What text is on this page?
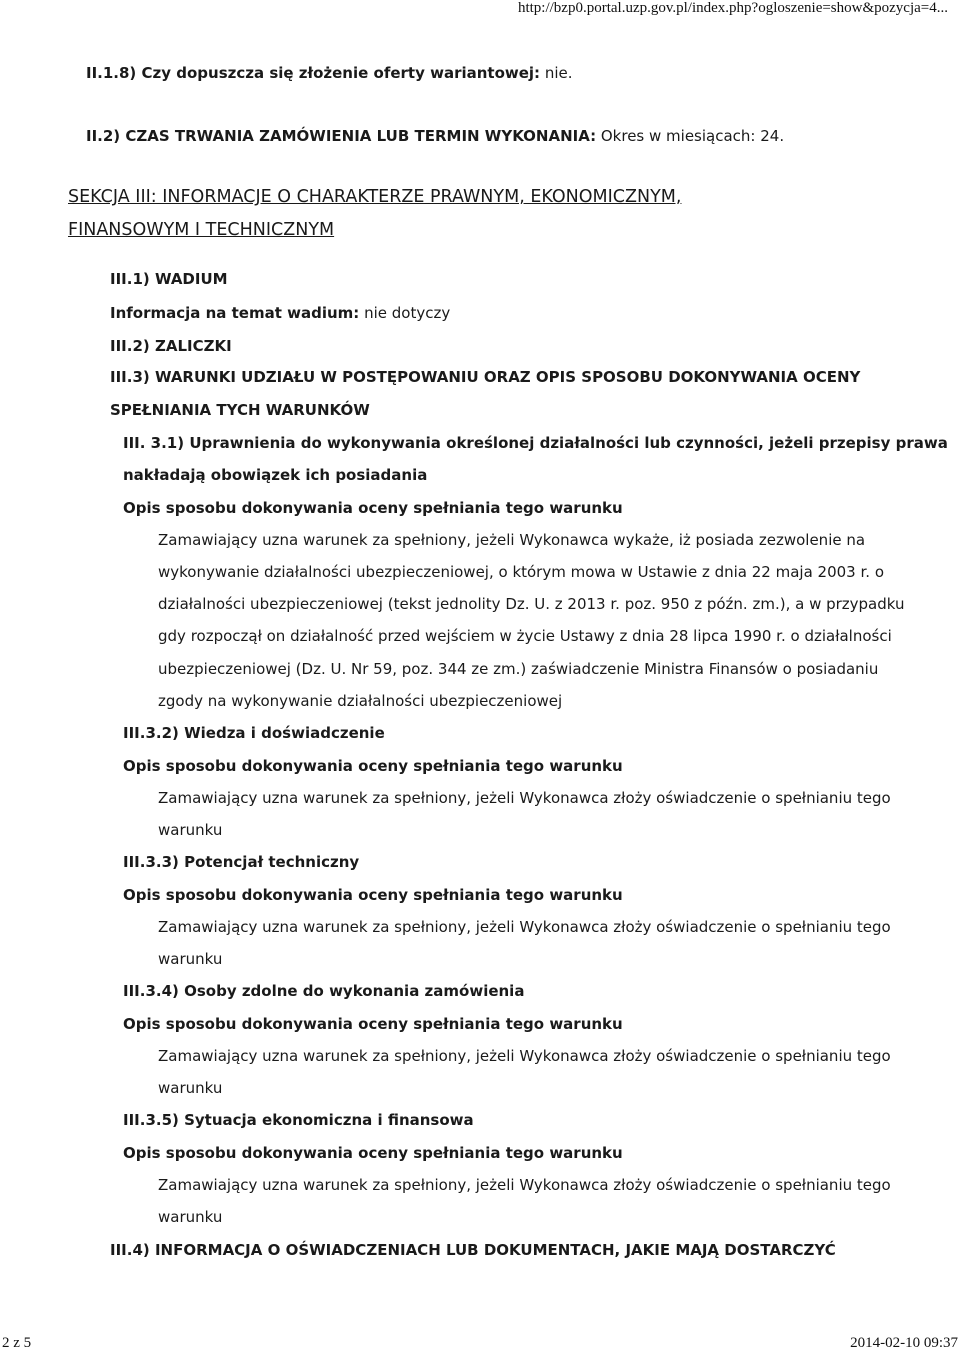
http://bzp0.portal.uzp.gov.pl/index.php?ogloszenie=show&pozycja=4...
II.1.8) Czy dopuszcza się złożenie oferty wariantowej: nie.
II.2) CZAS TRWANIA ZAMÓWIENIA LUB TERMIN WYKONANIA: Okres w miesiącach: 24.
SEKCJA III: INFORMACJE O CHARAKTERZE PRAWNYM, EKONOMICZNYM,
FINANSOWYM I TECHNICZNYM
III.1) WADIUM
Informacja na temat wadium: nie dotyczy
III.2) ZALICZKI
III.3) WARUNKI UDZIAŁU W POSTĘPOWANIU ORAZ OPIS SPOSOBU DOKONYWANIA OCENY
SPEŁNIANIA TYCH WARUNKÓW
III. 3.1) Uprawnienia do wykonywania określonej działalności lub czynności, jeżeli przepisy prawa
nakładają obowiązek ich posiadania
Opis sposobu dokonywania oceny spełniania tego warunku
Zamawiający uzna warunek za spełniony, jeżeli Wykonawca wykaże, iż posiada zezwolenie na
wykonywanie działalności ubezpieczeniowej, o którym mowa w Ustawie z dnia 22 maja 2003 r. o
działalności ubezpieczeniowej (tekst jednolity Dz. U. z 2013 r. poz. 950 z późn. zm.), a w przypadku
gdy rozpoczął on działalność przed wejściem w życie Ustawy z dnia 28 lipca 1990 r. o działalności
ubezpieczeniowej (Dz. U. Nr 59, poz. 344 ze zm.) zaświadczenie Ministra Finansów o posiadaniu
zgody na wykonywanie działalności ubezpieczeniowej
III.3.2) Wiedza i doświadczenie
Opis sposobu dokonywania oceny spełniania tego warunku
Zamawiający uzna warunek za spełniony, jeżeli Wykonawca złoży oświadczenie o spełnianiu tego
warunku
III.3.3) Potencjał techniczny
Opis sposobu dokonywania oceny spełniania tego warunku
Zamawiający uzna warunek za spełniony, jeżeli Wykonawca złoży oświadczenie o spełnianiu tego
warunku
III.3.4) Osoby zdolne do wykonania zamówienia
Opis sposobu dokonywania oceny spełniania tego warunku
Zamawiający uzna warunek za spełniony, jeżeli Wykonawca złoży oświadczenie o spełnianiu tego
warunku
III.3.5) Sytuacja ekonomiczna i finansowa
Opis sposobu dokonywania oceny spełniania tego warunku
Zamawiający uzna warunek za spełniony, jeżeli Wykonawca złoży oświadczenie o spełnianiu tego
warunku
III.4) INFORMACJA O OŚWIADCZENIACH LUB DOKUMENTACH, JAKIE MAJĄ DOSTARCZYĆ
2 z 5	2014-02-10 09:37
